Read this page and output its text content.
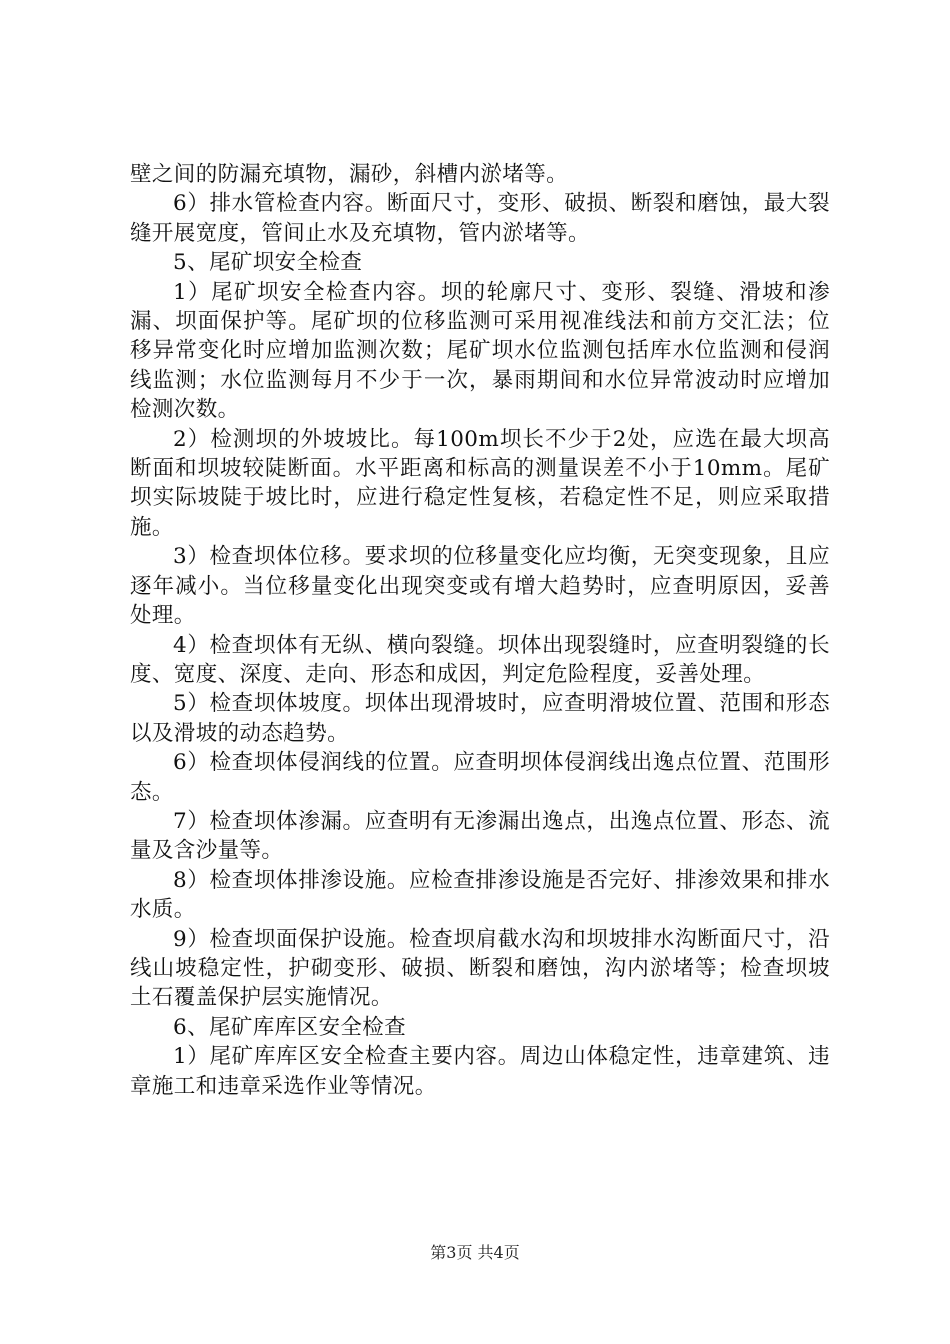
壁之间的防漏充填物，漏砂，斜槽内淤堵等。

6）排水管检查内容。断面尺寸，变形、破损、断裂和磨蚀，最大裂缝开展宽度，管间止水及充填物，管内淤堵等。

5、尾矿坝安全检查

1）尾矿坝安全检查内容。坝的轮廓尺寸、变形、裂缝、滑坡和渗漏、坝面保护等。尾矿坝的位移监测可采用视准线法和前方交汇法；位移异常变化时应增加监测次数；尾矿坝水位监测包括库水位监测和侵润线监测；水位监测每月不少于一次，暴雨期间和水位异常波动时应增加检测次数。

2）检测坝的外坡坡比。每100m坝长不少于2处，应选在最大坝高断面和坝坡较陡断面。水平距离和标高的测量误差不小于10mm。尾矿坝实际坡陡于坡比时，应进行稳定性复核，若稳定性不足，则应采取措施。

3）检查坝体位移。要求坝的位移量变化应均衡，无突变现象，且应逐年减小。当位移量变化出现突变或有增大趋势时，应查明原因，妥善处理。

4）检查坝体有无纵、横向裂缝。坝体出现裂缝时，应查明裂缝的长度、宽度、深度、走向、形态和成因，判定危险程度，妥善处理。

5）检查坝体坡度。坝体出现滑坡时，应查明滑坡位置、范围和形态以及滑坡的动态趋势。

6）检查坝体侵润线的位置。应查明坝体侵润线出逸点位置、范围形态。

7）检查坝体渗漏。应查明有无渗漏出逸点，出逸点位置、形态、流量及含沙量等。

8）检查坝体排渗设施。应检查排渗设施是否完好、排渗效果和排水水质。

9）检查坝面保护设施。检查坝肩截水沟和坝坡排水沟断面尺寸，沿线山坡稳定性，护砌变形、破损、断裂和磨蚀，沟内淤堵等；检查坝坡土石覆盖保护层实施情况。

6、尾矿库库区安全检查

1）尾矿库库区安全检查主要内容。周边山体稳定性，违章建筑、违章施工和违章采选作业等情况。

第3页 共4页
